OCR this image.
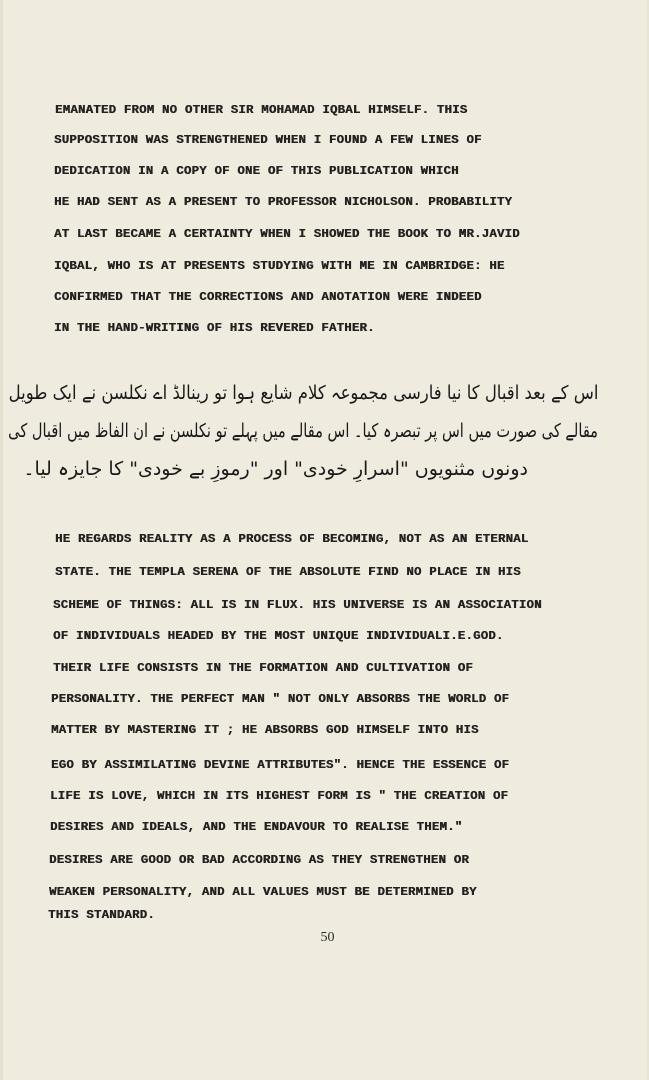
EMANATED FROM NO OTHER SIR MOHAMAD IQBAL HIMSELF. THIS
SUPPOSITION WAS STRENGTHENED WHEN I FOUND A FEW LINES OF
DEDICATION IN A COPY OF ONE OF THIS PUBLICATION WHICH
HE HAD SENT AS A PRESENT TO PROFESSOR NICHOLSON. PROBABILITY
AT LAST BECAME A CERTAINTY WHEN I SHOWED THE BOOK TO MR.JAVID
IQBAL, WHO IS AT PRESENTS STUDYING WITH ME IN CAMBRIDGE: HE
CONFIRMED THAT THE CORRECTIONS AND ANOTATION WERE INDEED
IN THE HAND-WRITING OF HIS REVERED FATHER.
اس کے بعد اقبال کا نیا فارسی مجموعہ کلام شایع ہوا تو رینالڈ اے نکلسن نے ایک طویل
مقالے کی صورت میں اس پر تبصرہ کیا۔ اس مقالے میں پہلے تو نکلسن نے ان الفاظ میں اقبال کی
دونوں مثنویوں "اسرارِ خودی" اور "رموزِ بے خودی" کا جایزہ لیا۔
HE REGARDS REALITY AS A PROCESS OF BECOMING, NOT AS AN ETERNAL
STATE. THE TEMPLA SERENA OF THE ABSOLUTE FIND NO PLACE IN HIS
SCHEME OF THINGS: ALL IS IN FLUX. HIS UNIVERSE IS AN ASSOCIATION
OF INDIVIDUALS HEADED BY THE MOST UNIQUE INDIVIDUALI.E.GOD.
THEIR LIFE CONSISTS IN THE FORMATION AND CULTIVATION OF
PERSONALITY. THE PERFECT MAN " NOT ONLY ABSORBS THE WORLD OF
MATTER BY MASTERING IT ; HE ABSORBS GOD HIMSELF INTO HIS
EGO BY ASSIMILATING DEVINE ATTRIBUTES". HENCE THE ESSENCE OF
LIFE IS LOVE, WHICH IN ITS HIGHEST FORM IS " THE CREATION OF
DESIRES AND IDEALS, AND THE ENDAVOUR TO REALISE THEM."
DESIRES ARE GOOD OR BAD ACCORDING AS THEY STRENGTHEN OR
WEAKEN PERSONALITY, AND ALL VALUES MUST BE DETERMINED BY
THIS STANDARD.
50
